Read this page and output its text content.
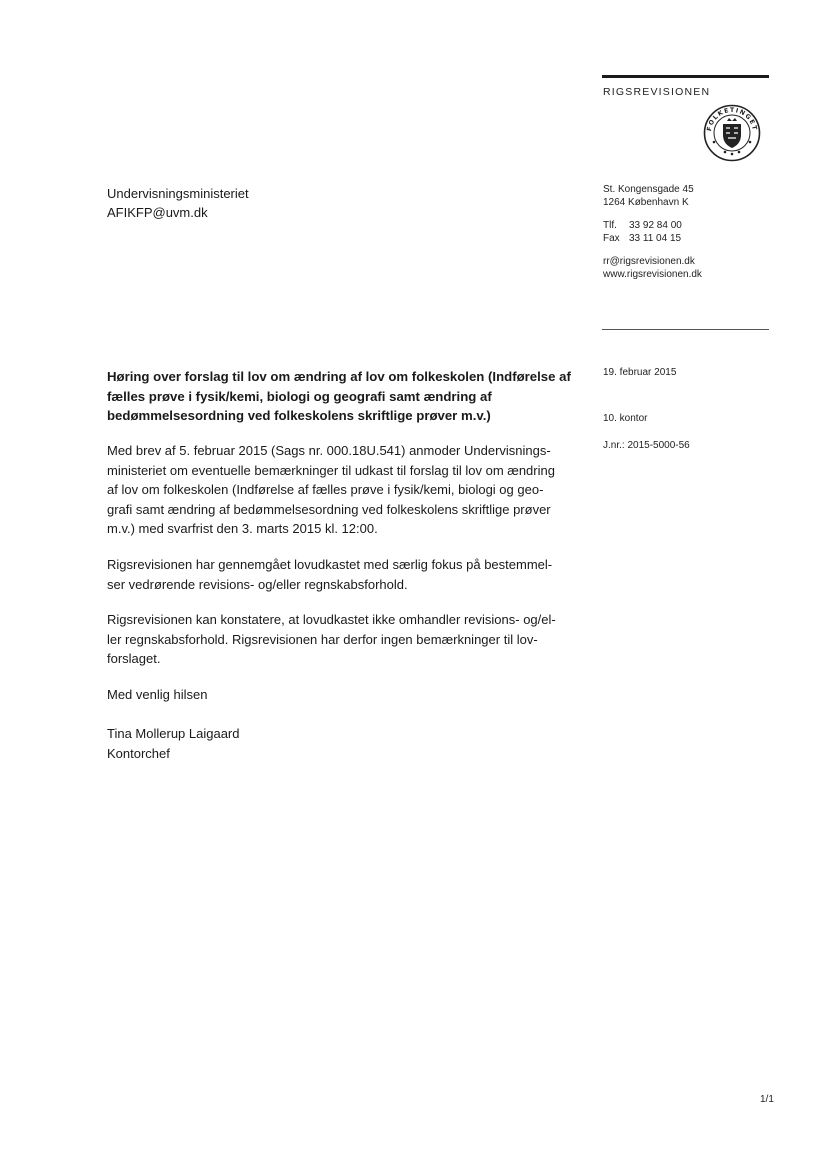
RIGSREVISIONEN
FOLKETINGET
Undervisningsministeriet
AFIKFP@uvm.dk
St. Kongensgade 45
1264 København K
Tlf. 33 92 84 00
Fax 33 11 04 15
rr@rigsrevisionen.dk
www.rigsrevisionen.dk
19. februar 2015
10. kontor
J.nr.: 2015-5000-56
Høring over forslag til lov om ændring af lov om folkeskolen (Indførelse af fælles prøve i fysik/kemi, biologi og geografi samt ændring af bedømmelsesordning ved folkeskolens skriftlige prøver m.v.)
Med brev af 5. februar 2015 (Sags nr. 000.18U.541) anmoder Undervisnings-
ministeriet om eventuelle bemærkninger til udkast til forslag til lov om ændring
af lov om folkeskolen (Indførelse af fælles prøve i fysik/kemi, biologi og geo-
grafi samt ændring af bedømmelsesordning ved folkeskolens skriftlige prøver
m.v.) med svarfrist den 3. marts 2015 kl. 12:00.
Rigsrevisionen har gennemgået lovudkastet med særlig fokus på bestemmel-
ser vedrørende revisions- og/eller regnskabsforhold.
Rigsrevisionen kan konstatere, at lovudkastet ikke omhandler revisions- og/el-
ler regnskabsforhold. Rigsrevisionen har derfor ingen bemærkninger til lov-
forslaget.
Med venlig hilsen
Tina Mollerup Laigaard
Kontorchef
1/1
